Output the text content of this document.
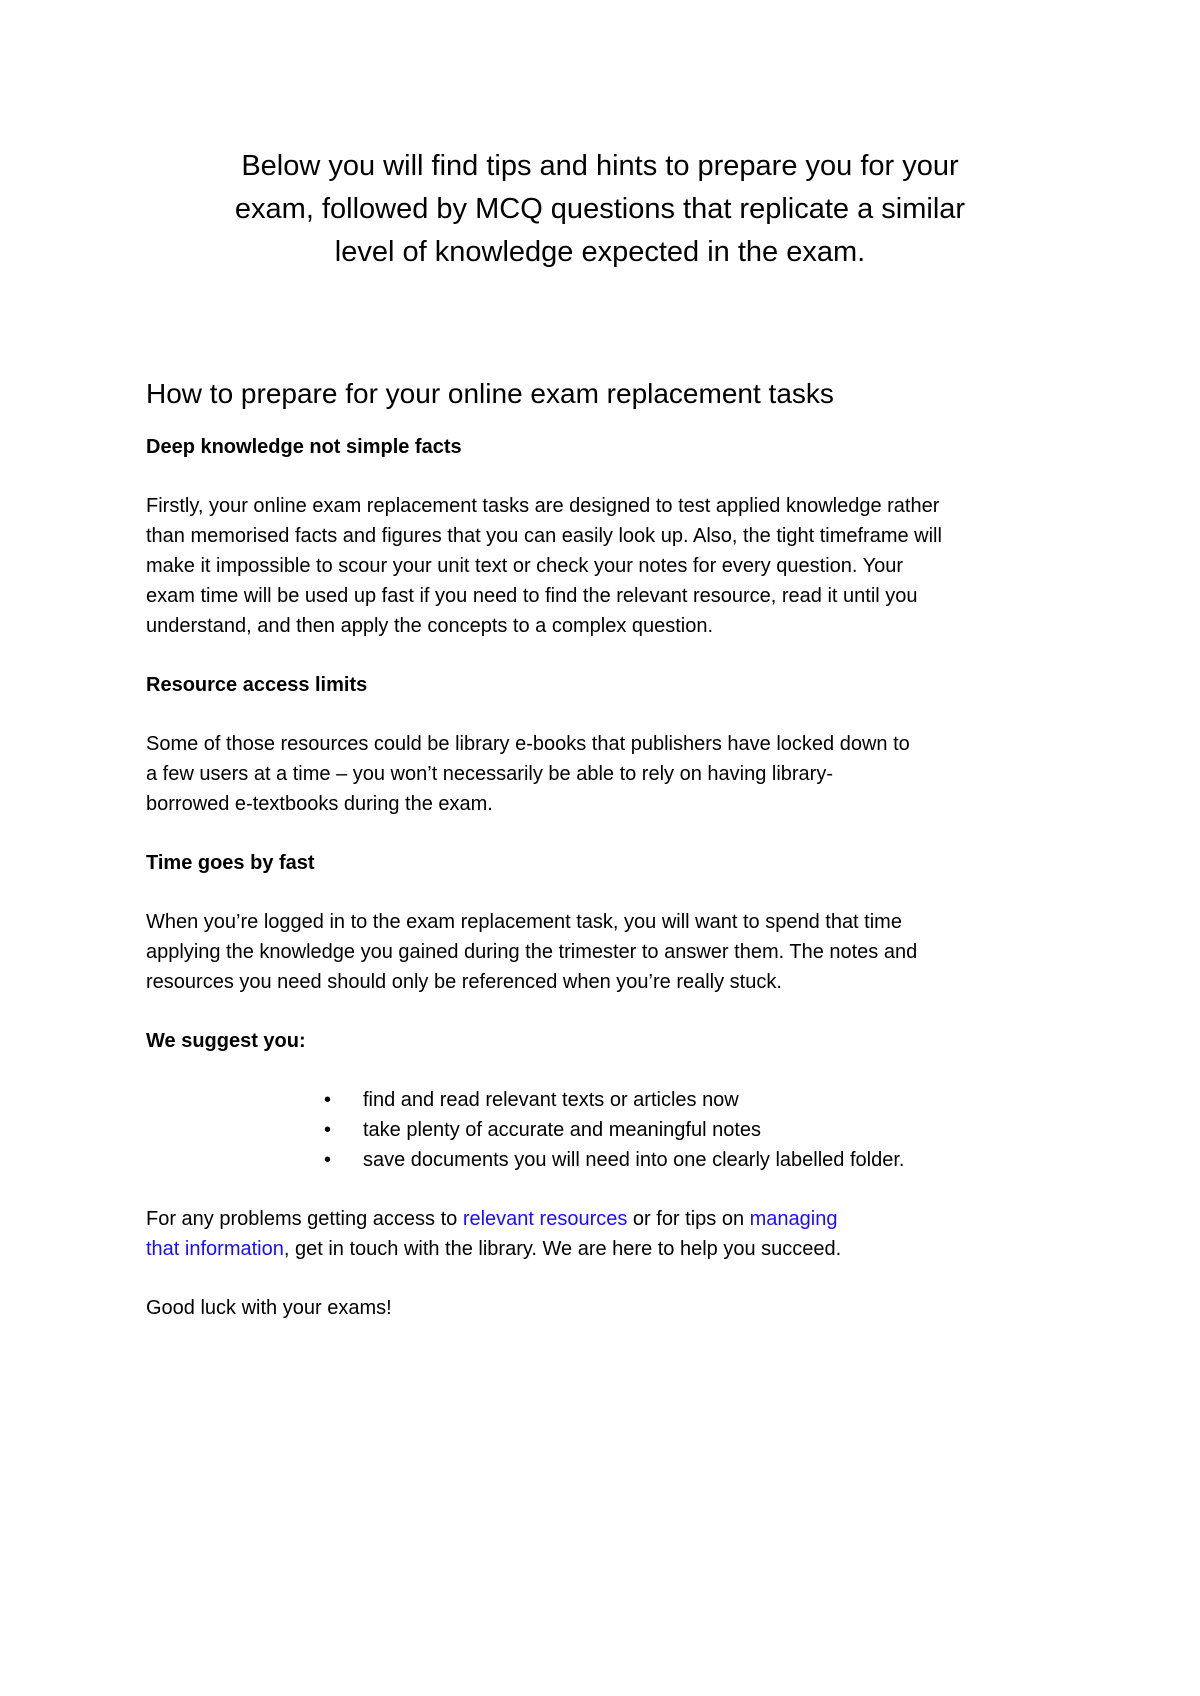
Below you will find tips and hints to prepare you for your
exam, followed by MCQ questions that replicate a similar
level of knowledge expected in the exam.
How to prepare for your online exam replacement tasks
Deep knowledge not simple facts
Firstly, your online exam replacement tasks are designed to test applied knowledge rather
than memorised facts and figures that you can easily look up. Also, the tight timeframe will
make it impossible to scour your unit text or check your notes for every question. Your
exam time will be used up fast if you need to find the relevant resource, read it until you
understand, and then apply the concepts to a complex question.
Resource access limits
Some of those resources could be library e-books that publishers have locked down to
a few users at a time – you won’t necessarily be able to rely on having library-
borrowed e-textbooks during the exam.
Time goes by fast
When you’re logged in to the exam replacement task, you will want to spend that time
applying the knowledge you gained during the trimester to answer them. The notes and
resources you need should only be referenced when you’re really stuck.
We suggest you:
• find and read relevant texts or articles now
• take plenty of accurate and meaningful notes
• save documents you will need into one clearly labelled folder.
For any problems getting access to relevant resources or for tips on managing
that information, get in touch with the library. We are here to help you succeed.
Good luck with your exams!
